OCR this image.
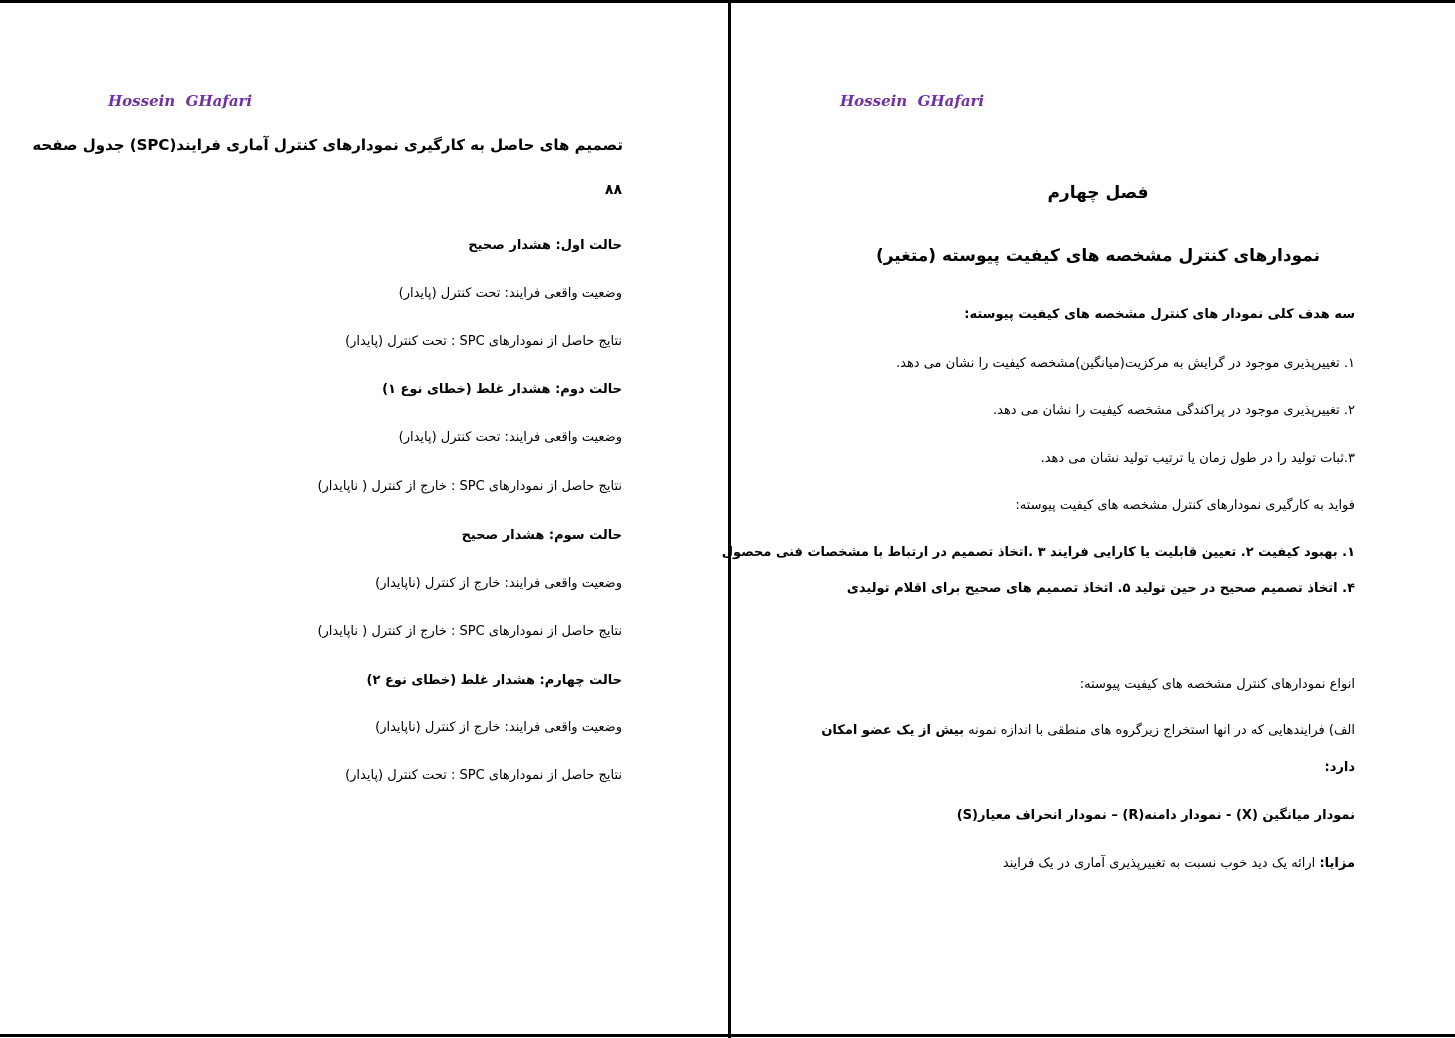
Hossein  GHafari
تصمیم های حاصل به کارگیری نمودارهای کنترل آماری فرایند(SPC) جدول صفحه
۸۸
حالت اول: هشدار صحیح
وضعیت واقعی فرایند: تحت کنترل (پایدار)
نتایج حاصل از نمودارهای SPC : تحت کنترل (پایدار)
حالت دوم: هشدار غلط (خطای نوع ۱)
وضعیت واقعی فرایند: تحت کنترل (پایدار)
نتایج حاصل از نمودارهای SPC : خارج از کنترل ( ناپایدار)
حالت سوم: هشدار صحیح
وضعیت واقعی فرایند: خارج از کنترل (ناپایدار)
نتایج حاصل از نمودارهای SPC : خارج از کنترل ( ناپایدار)
حالت چهارم: هشدار غلط (خطای نوع ۲)
وضعیت واقعی فرایند: خارج از کنترل (ناپایدار)
نتایج حاصل از نمودارهای SPC : تحت کنترل (پایدار)
Hossein  GHafari
فصل چهارم
نمودارهای کنترل مشخصه های کیفیت پیوسته (متغیر)
سه هدف کلی نمودار های کنترل مشخصه های کیفیت پیوسته:
۱. تغییرپذیری موجود در گرایش به مرکزیت(میانگین)مشخصه کیفیت را نشان می دهد.
۲. تغییرپذیری موجود در پراکندگی مشخصه کیفیت را نشان می دهد.
۳.ثبات تولید را در طول زمان یا ترتیب تولید نشان می دهد.
فواید به کارگیری نمودارهای کنترل مشخصه های کیفیت پیوسته:
۱. بهبود کیفیت ۲. تعیین قابلیت یا کارایی فرایند ۳ .اتخاذ تصمیم در ارتباط با مشخصات فنی محصول
۴. اتخاذ تصمیم صحیح در حین تولید ۵. اتخاذ تصمیم های صحیح برای اقلام تولیدی
انواع نمودارهای کنترل مشخصه های کیفیت پیوسته:
الف) فرایندهایی که در انها استخراج زیرگروه های منطقی با اندازه نمونه بیش از یک عضو امکان
دارد:
نمودار میانگین (X) - نمودار دامنه(R) – نمودار انحراف معیار(S)
مزایا: ارائه یک دید خوب نسبت به تغییرپذیری آماری در یک فرایند
